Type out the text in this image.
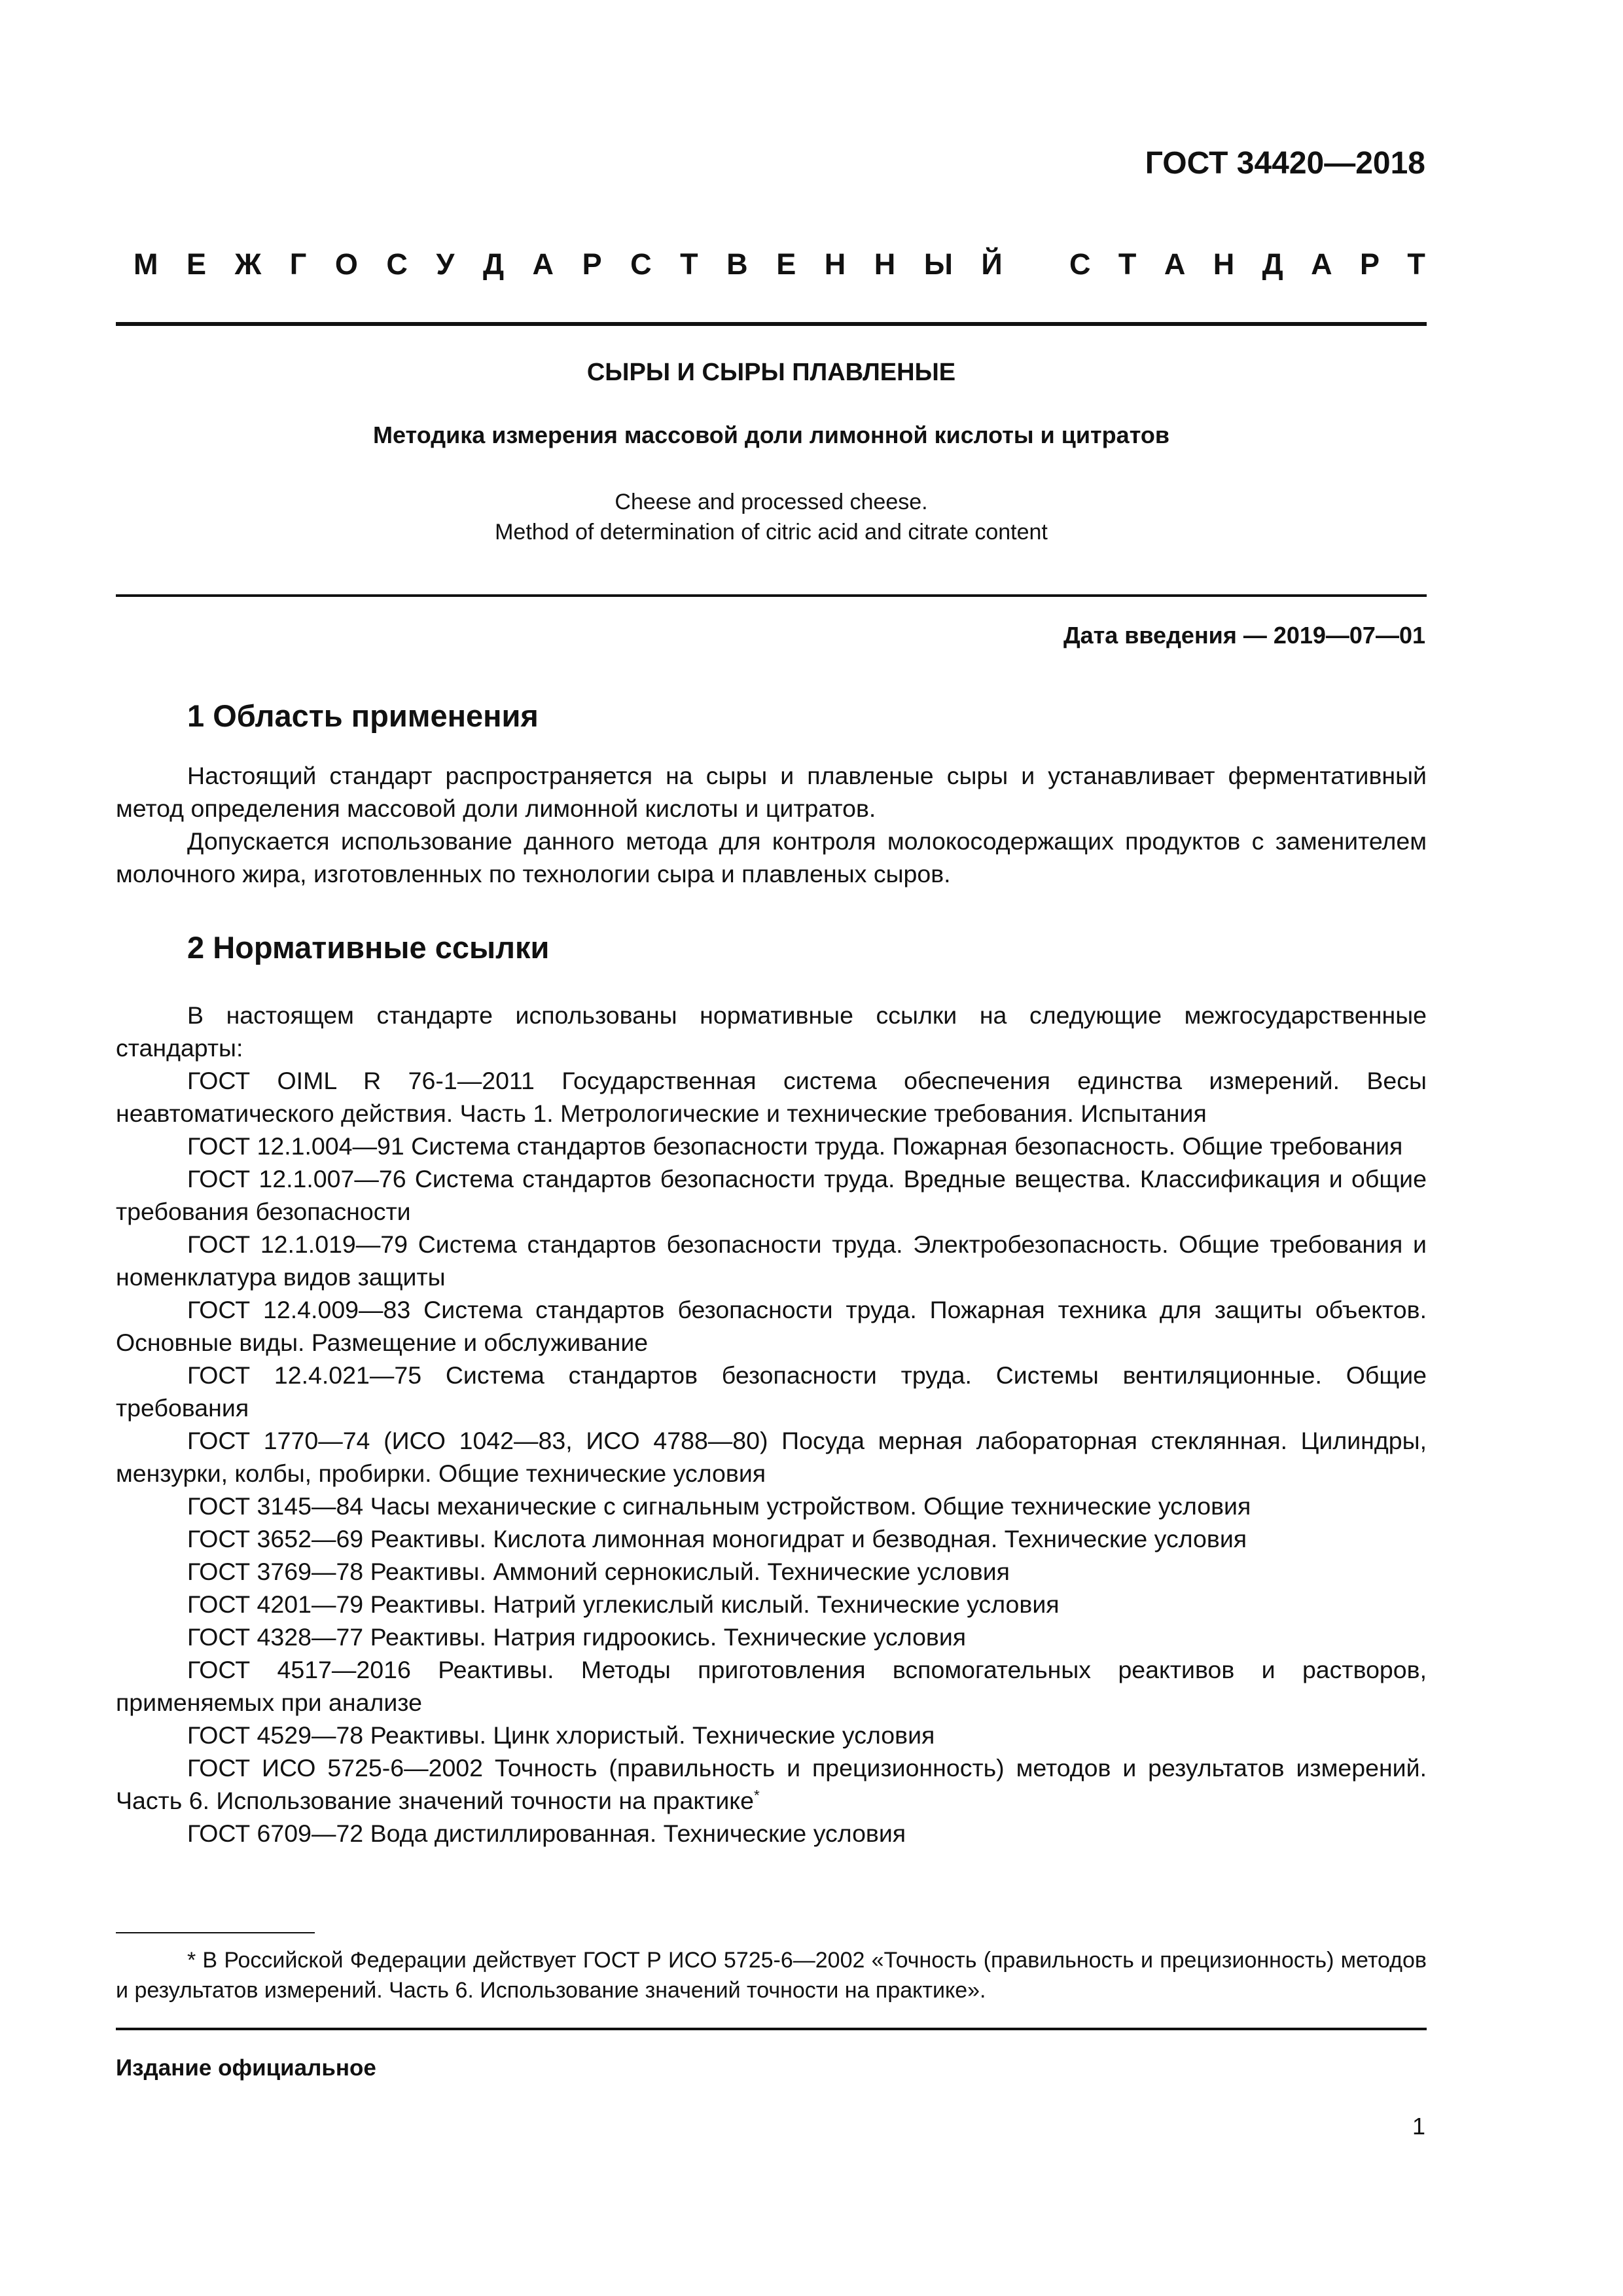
ГОСТ 34420—2018
М Е Ж Г О С У Д А Р С Т В Е Н Н Ы Й С Т А Н Д А Р Т
СЫРЫ И СЫРЫ ПЛАВЛЕНЫЕ
Методика измерения массовой доли лимонной кислоты и цитратов
Cheese and processed cheese.
Method of determination of citric acid and citrate content
Дата введения — 2019—07—01
1 Область применения

Настоящий стандарт распространяется на сыры и плавленые сыры и устанавливает ферментативный метод определения массовой доли лимонной кислоты и цитратов.

Допускается использование данного метода для контроля молокосодержащих продуктов с заменителем молочного жира, изготовленных по технологии сыра и плавленых сыров.

2 Нормативные ссылки

В настоящем стандарте использованы нормативные ссылки на следующие межгосударственные стандарты:

ГОСТ OIML R 76-1—2011 Государственная система обеспечения единства измерений. Весы неавтоматического действия. Часть 1. Метрологические и технические требования. Испытания

ГОСТ 12.1.004—91 Система стандартов безопасности труда. Пожарная безопасность. Общие требования

ГОСТ 12.1.007—76 Система стандартов безопасности труда. Вредные вещества. Классификация и общие требования безопасности

ГОСТ 12.1.019—79 Система стандартов безопасности труда. Электробезопасность. Общие требования и номенклатура видов защиты

ГОСТ 12.4.009—83 Система стандартов безопасности труда. Пожарная техника для защиты объектов. Основные виды. Размещение и обслуживание

ГОСТ 12.4.021—75 Система стандартов безопасности труда. Системы вентиляционные. Общие требования

ГОСТ 1770—74 (ИСО 1042—83, ИСО 4788—80) Посуда мерная лабораторная стеклянная. Цилиндры, мензурки, колбы, пробирки. Общие технические условия

ГОСТ 3145—84 Часы механические с сигнальным устройством. Общие технические условия

ГОСТ 3652—69 Реактивы. Кислота лимонная моногидрат и безводная. Технические условия

ГОСТ 3769—78 Реактивы. Аммоний сернокислый. Технические условия

ГОСТ 4201—79 Реактивы. Натрий углекислый кислый. Технические условия

ГОСТ 4328—77 Реактивы. Натрия гидроокись. Технические условия

ГОСТ 4517—2016 Реактивы. Методы приготовления вспомогательных реактивов и растворов, применяемых при анализе

ГОСТ 4529—78 Реактивы. Цинк хлористый. Технические условия

ГОСТ ИСО 5725-6—2002 Точность (правильность и прецизионность) методов и результатов измерений. Часть 6. Использование значений точности на практике*

ГОСТ 6709—72 Вода дистиллированная. Технические условия

* В Российской Федерации действует ГОСТ Р ИСО 5725-6—2002 «Точность (правильность и прецизионность) методов и результатов измерений. Часть 6. Использование значений точности на практике».

Издание официальное
1
